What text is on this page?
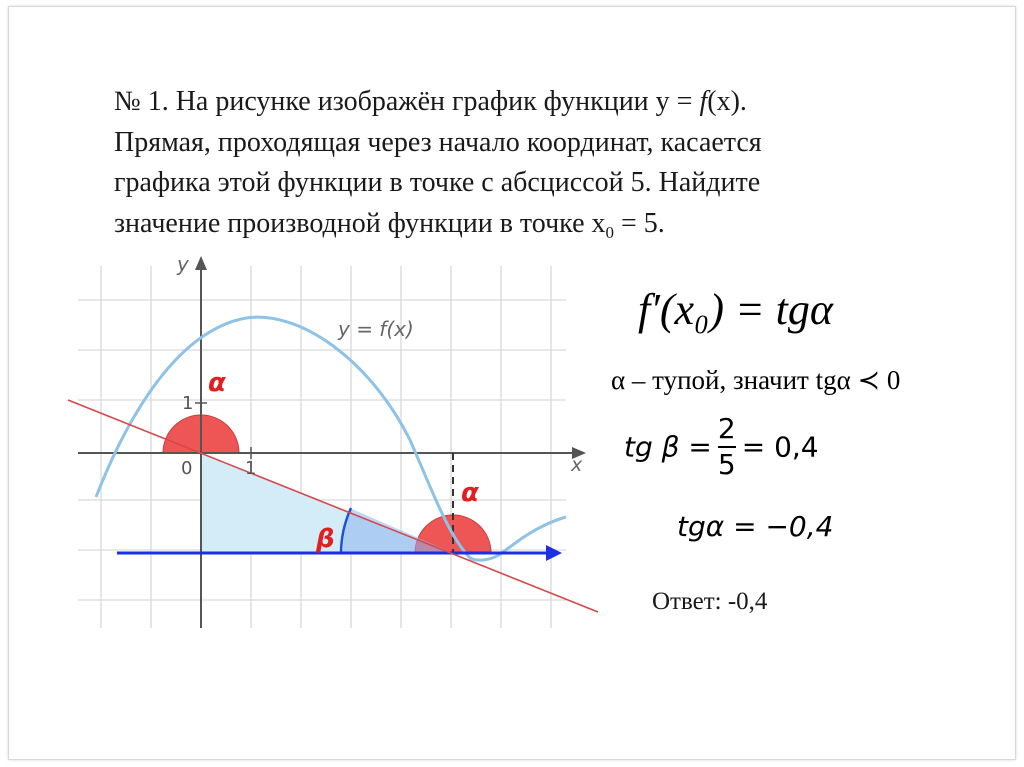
№ 1. На рисунке изображён график функции y = f(x).
Прямая, проходящая через начало координат, касается
графика этой функции в точке с абсциссой 5. Найдите
значение производной функции в точке $x_0 = 5$.
y
x
0	1
1
y = f(x)
α
α
β
f′(x₀) = tgα
α – тупой, значит tgα ≺ 0
tg $\beta = \frac{2}{5} = 0,4$
tgα = −0,4
Ответ: -0,4
